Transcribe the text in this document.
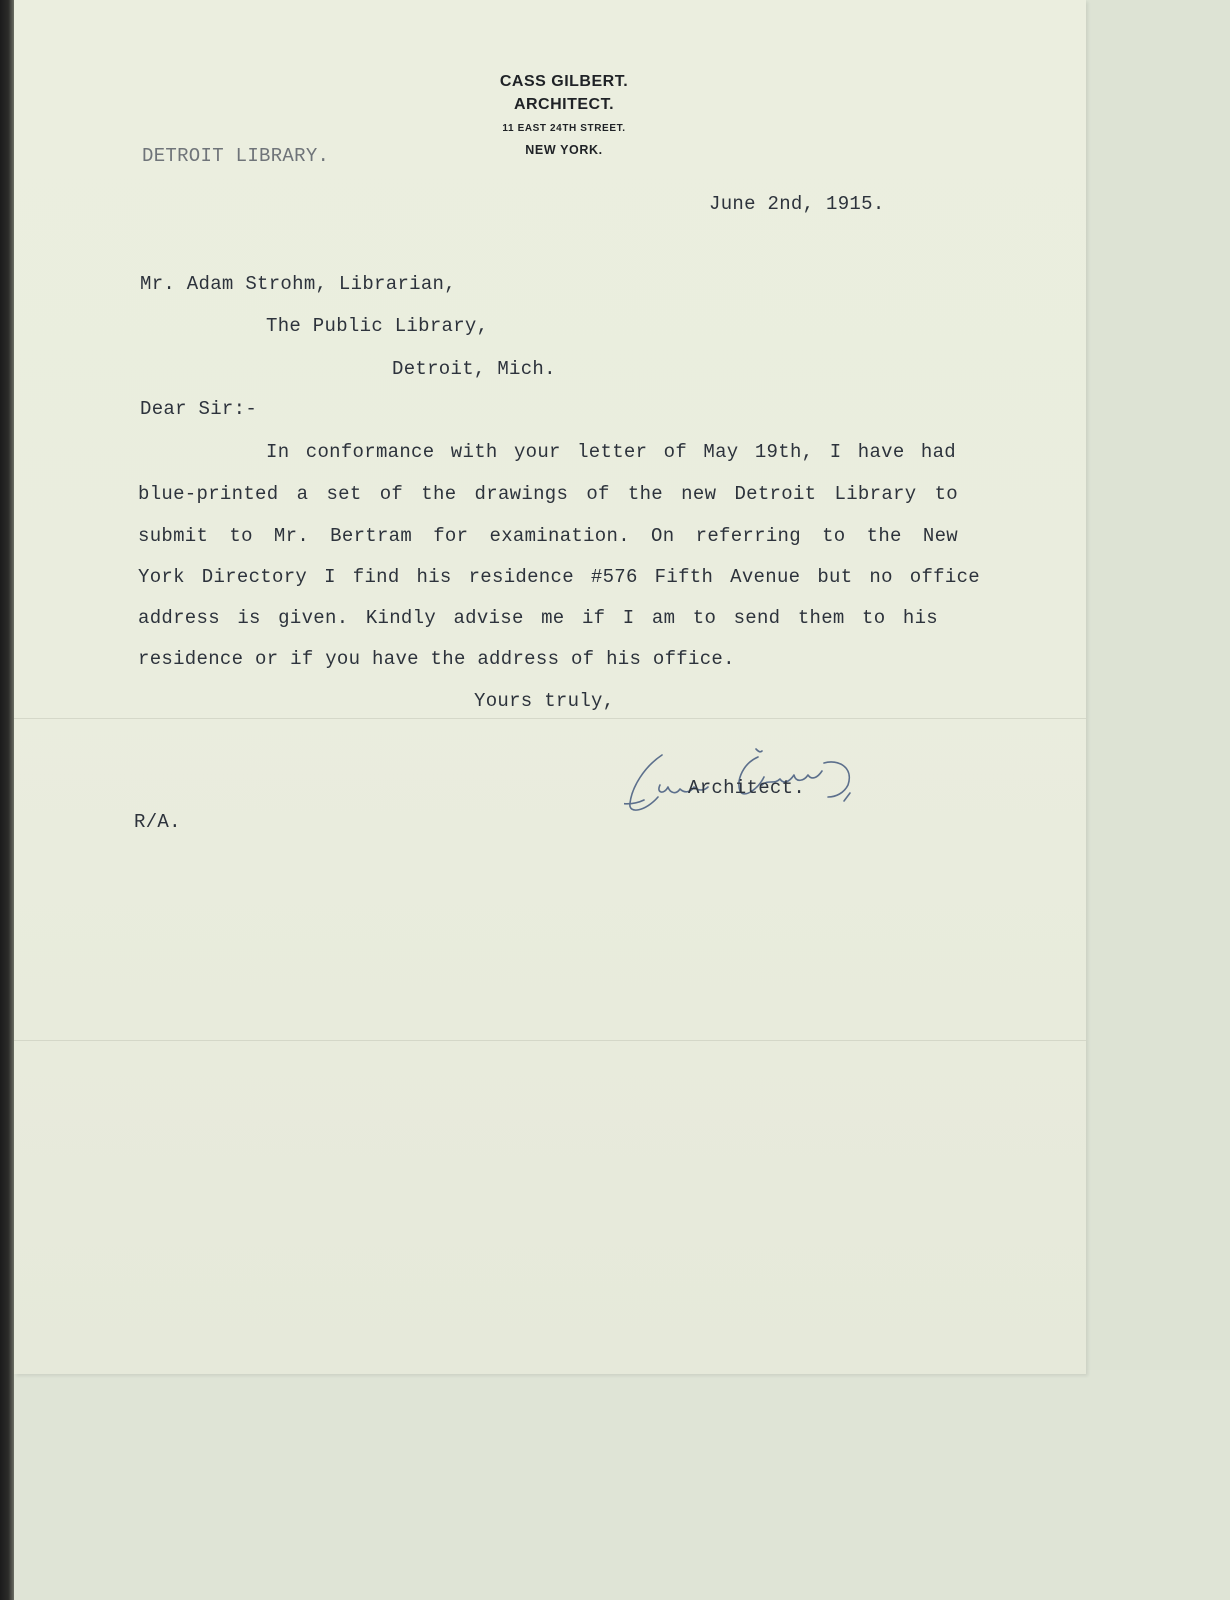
CASS GILBERT.
ARCHITECT.
11 EAST 24TH STREET.
NEW YORK.
DETROIT LIBRARY.
June 2nd, 1915.
Mr. Adam Strohm, Librarian,
The Public Library,
Detroit, Mich.
Dear Sir:-
In conformance with your letter of May 19th, I have had
blue-printed a set of the drawings of the new Detroit Library to
submit to Mr. Bertram for examination. On referring to the New
York Directory I find his residence #576 Fifth Avenue but no office
address is given. Kindly advise me if I am to send them to his
residence or if you have the address of his office.
Yours truly,
Architect.
R/A.
